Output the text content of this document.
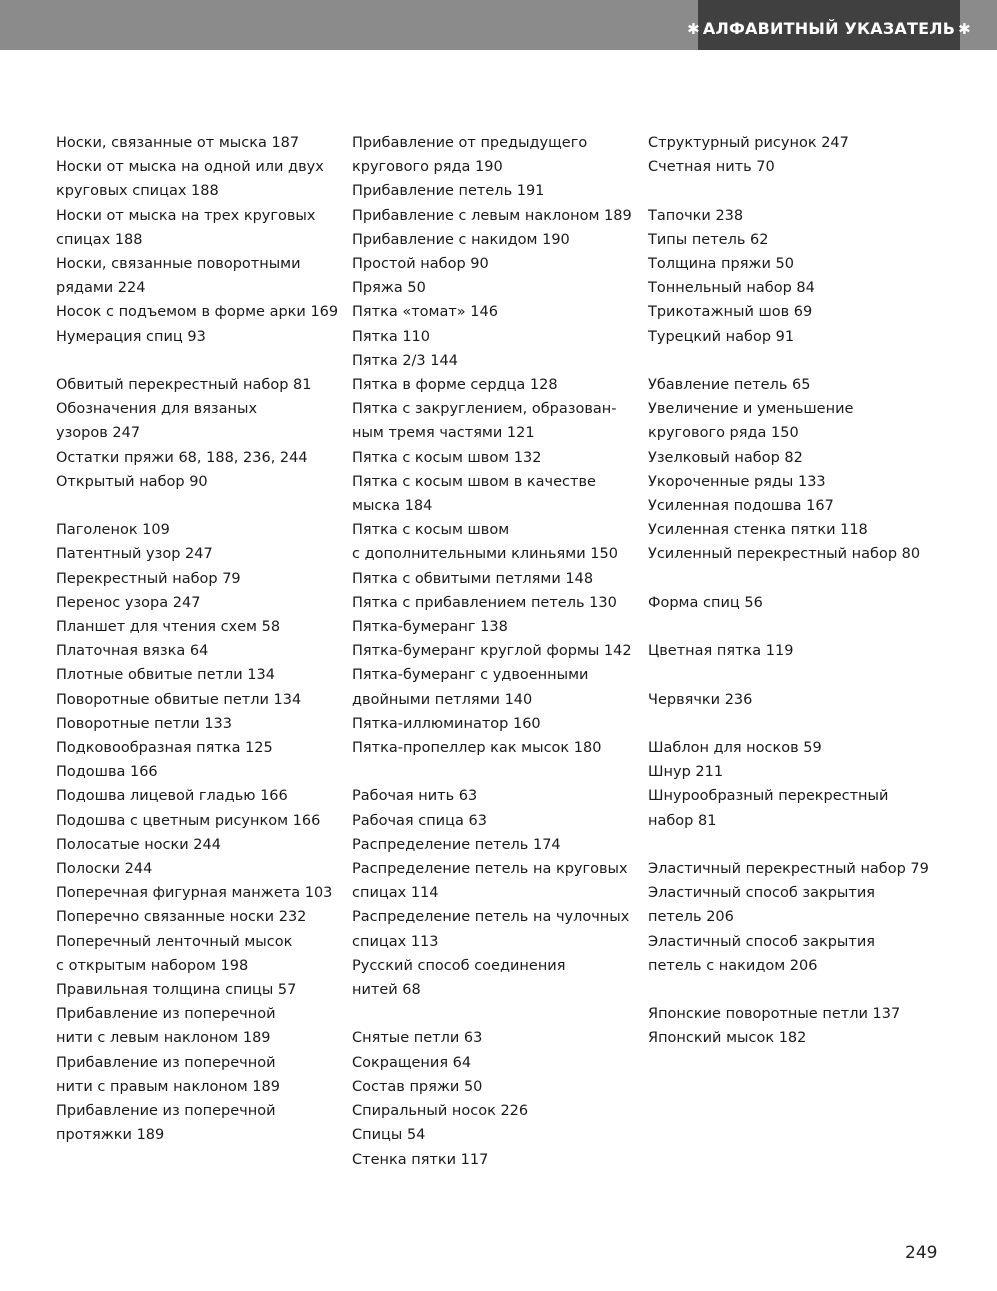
✱ АЛФАВИТНЫЙ УКАЗАТЕЛЬ ✱
Носки, связанные от мыска 187
Носки от мыска на одной или двух
круговых спицах 188
Носки от мыска на трех круговых
спицах 188
Носки, связанные поворотными
рядами 224
Носок с подъемом в форме арки 169
Нумерация спиц 93
Обвитый перекрестный набор 81
Обозначения для вязаных
узоров 247
Остатки пряжи 68, 188, 236, 244
Открытый набор 90
Паголенок 109
Патентный узор 247
Перекрестный набор 79
Перенос узора 247
Планшет для чтения схем 58
Платочная вязка 64
Плотные обвитые петли 134
Поворотные обвитые петли 134
Поворотные петли 133
Подковообразная пятка 125
Подошва 166
Подошва лицевой гладью 166
Подошва с цветным рисунком 166
Полосатые носки 244
Полоски 244
Поперечная фигурная манжета 103
Поперечно связанные носки 232
Поперечный ленточный мысок
с открытым набором 198
Правильная толщина спицы 57
Прибавление из поперечной
нити с левым наклоном 189
Прибавление из поперечной
нити с правым наклоном 189
Прибавление из поперечной
протяжки 189
Прибавление от предыдущего
кругового ряда 190
Прибавление петель 191
Прибавление с левым наклоном 189
Прибавление с накидом 190
Простой набор 90
Пряжа 50
Пятка «томат» 146
Пятка 110
Пятка 2/3 144
Пятка в форме сердца 128
Пятка с закруглением, образован-
ным тремя частями 121
Пятка с косым швом 132
Пятка с косым швом в качестве
мыска 184
Пятка с косым швом
с дополнительными клиньями 150
Пятка с обвитыми петлями 148
Пятка с прибавлением петель 130
Пятка-бумеранг 138
Пятка-бумеранг круглой формы 142
Пятка-бумеранг с удвоенными
двойными петлями 140
Пятка-иллюминатор 160
Пятка-пропеллер как мысок 180
Рабочая нить 63
Рабочая спица 63
Распределение петель 174
Распределение петель на круговых
спицах 114
Распределение петель на чулочных
спицах 113
Русский способ соединения
нитей 68
Снятые петли 63
Сокращения 64
Состав пряжи 50
Спиральный носок 226
Спицы 54
Стенка пятки 117
Структурный рисунок 247
Счетная нить 70
Тапочки 238
Типы петель 62
Толщина пряжи 50
Тоннельный набор 84
Трикотажный шов 69
Турецкий набор 91
Убавление петель 65
Увеличение и уменьшение
кругового ряда 150
Узелковый набор 82
Укороченные ряды 133
Усиленная подошва 167
Усиленная стенка пятки 118
Усиленный перекрестный набор 80
Форма спиц 56
Цветная пятка 119
Червячки 236
Шаблон для носков 59
Шнур 211
Шнурообразный перекрестный
набор 81
Эластичный перекрестный набор 79
Эластичный способ закрытия
петель 206
Эластичный способ закрытия
петель с накидом 206
Японские поворотные петли 137
Японский мысок 182
249
